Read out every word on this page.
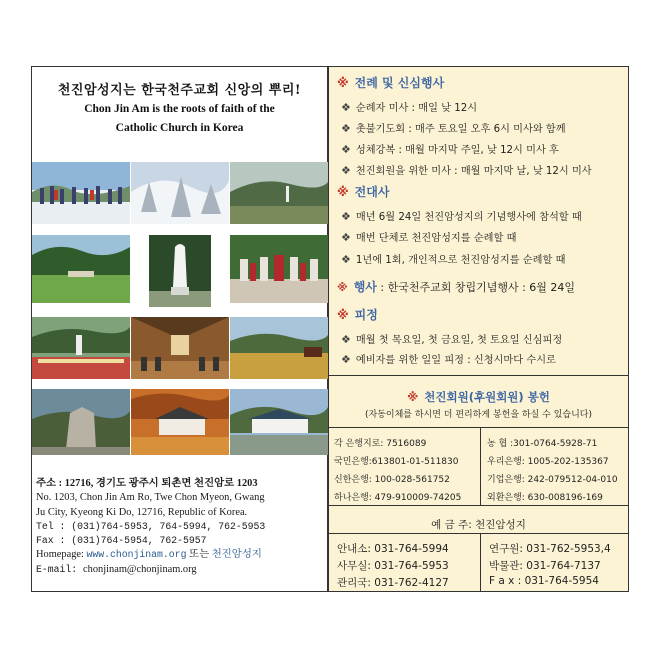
천진암성지는 한국천주교회 신앙의 뿌리!
Chon Jin Am is the roots of faith of the
Catholic Church in Korea
주소 : 12716, 경기도 광주시 퇴촌면 천진암로 1203
No. 1203, Chon Jin Am Ro, Twe Chon Myeon, Gwang
Ju City, Kyeong Ki Do, 12716, Republic of Korea.
Tel : (031)764-5953, 764-5994, 762-5953
Fax : (031)764-5954, 762-5957
Homepage: www.chonjinam.org 또는 천진암성지
E-mail: chonjinam@chonjinam.org
※ 전례 및 신심행사
❖ 순례자 미사 : 매일 낮 12시
❖ 촛불기도회 : 매주 토요일 오후 6시 미사와 함께
❖ 성체강복 : 매월 마지막 주일, 낮 12시 미사 후
❖ 천진회원을 위한 미사 : 매월 마지막 날, 낮 12시 미사
※ 전대사
❖ 매년 6월 24일 천진암성지의 기념행사에 참석할 때
❖ 매번 단체로 천진암성지를 순례할 때
❖ 1년에 1회, 개인적으로 천진암성지를 순례할 때
※ 행사 : 한국천주교회 창립기념행사 : 6월 24일
※ 피정
❖ 매월 첫 목요일, 첫 금요일, 첫 토요일 신심피정
❖ 예비자를 위한 일일 피정 : 신청시마다 수시로
※ 천진회원(후원회원) 봉헌
(자동이체를 하시면 더 편리하게 봉헌을 하실 수 있습니다)
각 은행지로: 7516089
국민은행:613801-01-511830
신한은행: 100-028-561752
하나은행: 479-910009-74205
농 협 :301-0764-5928-71
우리은행: 1005-202-135367
기업은행: 242-079512-04-010
외환은행: 630-008196-169
예 금 주: 천진암성지
안내소: 031-764-5994
사무실: 031-764-5953
관리국: 031-762-4127
연구원: 031-762-5953,4
박물관: 031-764-7137
F a x : 031-764-5954
